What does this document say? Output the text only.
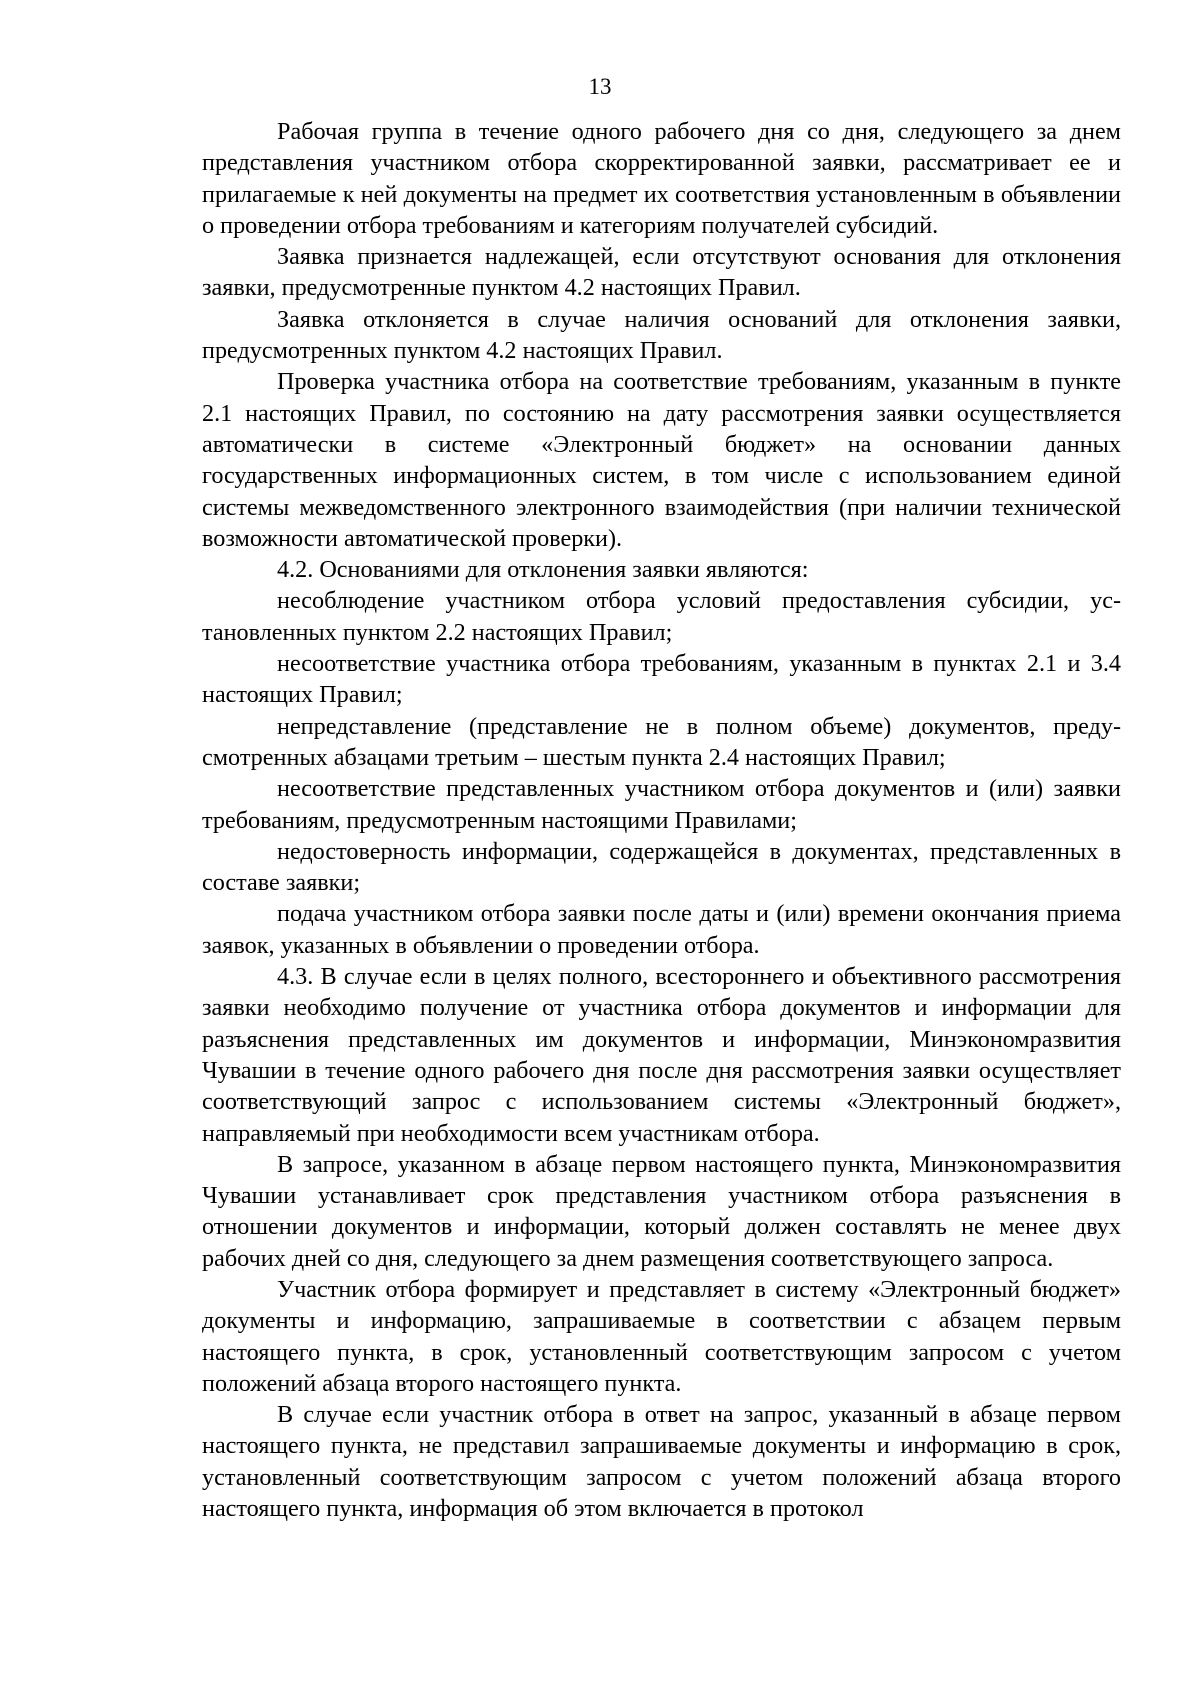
13

Рабочая группа в течение одного рабочего дня со дня, следующего за днем представления участником отбора скорректированной заявки, рассматривает ее и прилагаемые к ней документы на предмет их соответствия установленным в объявлении о проведении отбора требованиям и категориям получателей субсидий.

Заявка признается надлежащей, если отсутствуют основания для отклонения заявки, предусмотренные пунктом 4.2 настоящих Правил.

Заявка отклоняется в случае наличия оснований для отклонения заявки, предусмотренных пунктом 4.2 настоящих Правил.

Проверка участника отбора на соответствие требованиям, указанным в пункте 2.1 настоящих Правил, по состоянию на дату рассмотрения заявки осуществляется автоматически в системе «Электронный бюджет» на основании данных государственных информационных систем, в том числе с использованием единой системы межведомственного электронного взаимодействия (при наличии технической возможности автоматической проверки).

4.2. Основаниями для отклонения заявки являются:

несоблюдение участником отбора условий предоставления субсидии, установленных пунктом 2.2 настоящих Правил;

несоответствие участника отбора требованиям, указанным в пунктах 2.1 и 3.4 настоящих Правил;

непредставление (представление не в полном объеме) документов, предусмотренных абзацами третьим – шестым пункта 2.4 настоящих Правил;

несоответствие представленных участником отбора документов и (или) заявки требованиям, предусмотренным настоящими Правилами;

недостоверность информации, содержащейся в документах, представленных в составе заявки;

подача участником отбора заявки после даты и (или) времени окончания приема заявок, указанных в объявлении о проведении отбора.

4.3. В случае если в целях полного, всестороннего и объективного рассмотрения заявки необходимо получение от участника отбора документов и информации для разъяснения представленных им документов и информации, Минэкономразвития Чувашии в течение одного рабочего дня после дня рассмотрения заявки осуществляет соответствующий запрос с использованием системы «Электронный бюджет», направляемый при необходимости всем участникам отбора.

В запросе, указанном в абзаце первом настоящего пункта, Минэкономразвития Чувашии устанавливает срок представления участником отбора разъяснения в отношении документов и информации, который должен составлять не менее двух рабочих дней со дня, следующего за днем размещения соответствующего запроса.

Участник отбора формирует и представляет в систему «Электронный бюджет» документы и информацию, запрашиваемые в соответствии с абзацем первым настоящего пункта, в срок, установленный соответствующим запросом с учетом положений абзаца второго настоящего пункта.

В случае если участник отбора в ответ на запрос, указанный в абзаце первом настоящего пункта, не представил запрашиваемые документы и информацию в срок, установленный соответствующим запросом с учетом положений абзаца второго настоящего пункта, информация об этом включается в протокол
